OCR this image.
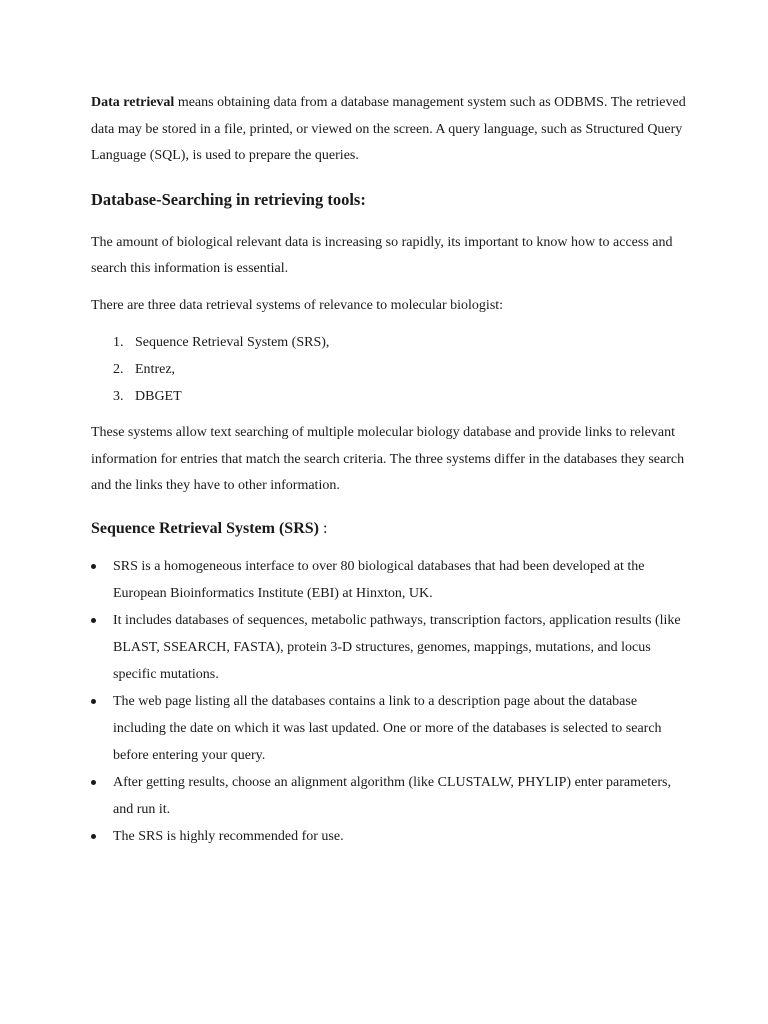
Data retrieval means obtaining data from a database management system such as ODBMS. The retrieved data may be stored in a file, printed, or viewed on the screen. A query language, such as Structured Query Language (SQL), is used to prepare the queries.

Database-Searching in retrieving tools:

The amount of biological relevant data is increasing so rapidly, its important to know how to access and search this information is essential.

There are three data retrieval systems of relevance to molecular biologist:

1. Sequence Retrieval System (SRS),
2. Entrez,
3. DBGET

These systems allow text searching of multiple molecular biology database and provide links to relevant information for entries that match the search criteria. The three systems differ in the databases they search and the links they have to other information.

Sequence Retrieval System (SRS) :
SRS is a homogeneous interface to over 80 biological databases that had been developed at the European Bioinformatics Institute (EBI) at Hinxton, UK.
It includes databases of sequences, metabolic pathways, transcription factors, application results (like BLAST, SSEARCH, FASTA), protein 3-D structures, genomes, mappings, mutations, and locus specific mutations.
The web page listing all the databases contains a link to a description page about the database including the date on which it was last updated. One or more of the databases is selected to search before entering your query.
After getting results, choose an alignment algorithm (like CLUSTALW, PHYLIP) enter parameters, and run it.
The SRS is highly recommended for use.
